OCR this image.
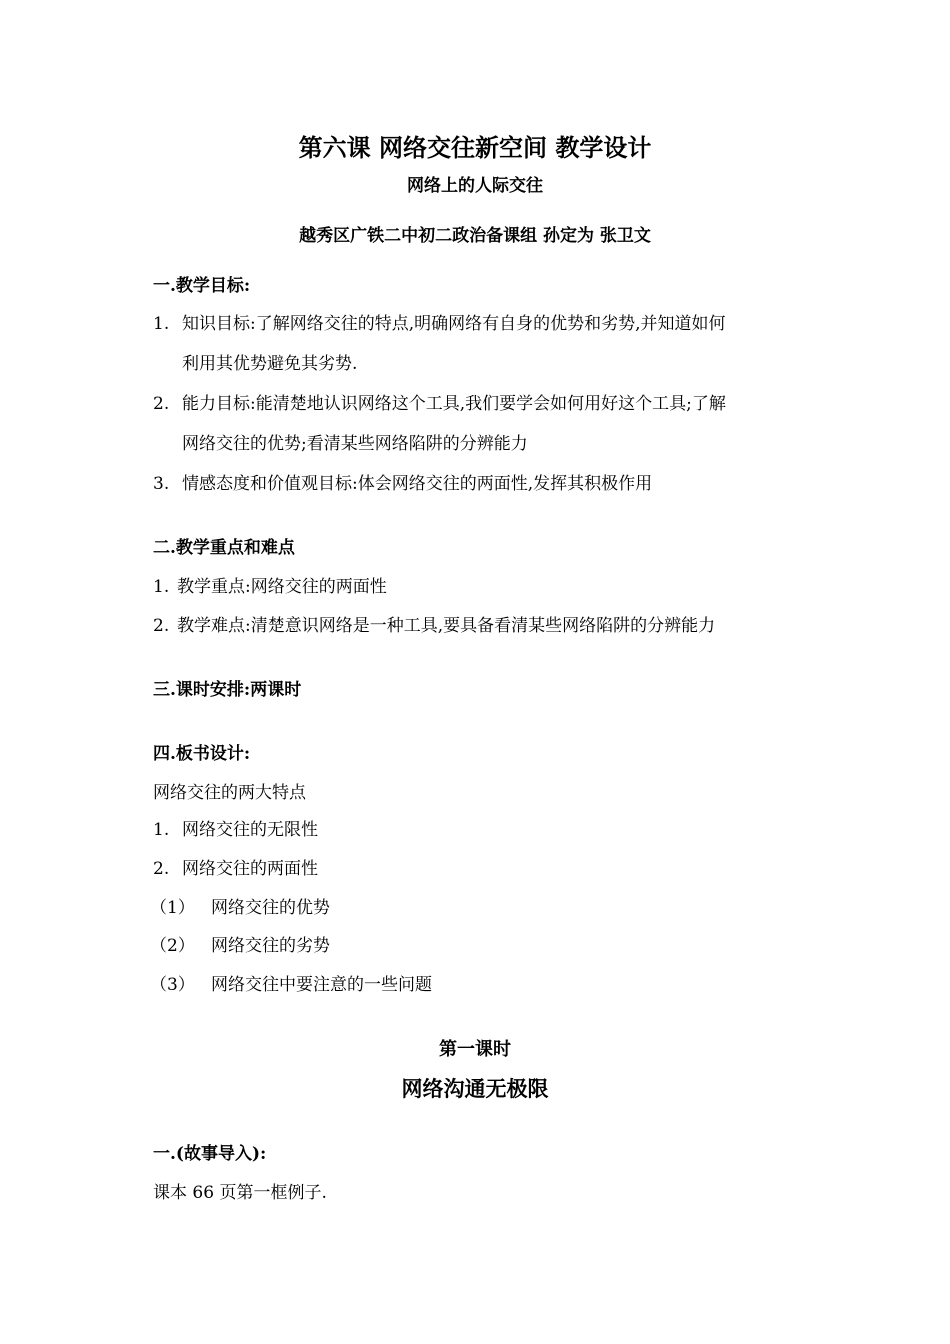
第六课 网络交往新空间 教学设计
网络上的人际交往
越秀区广铁二中初二政治备课组 孙定为 张卫文
一.教学目标:
1. 知识目标:了解网络交往的特点,明确网络有自身的优势和劣势,并知道如何
利用其优势避免其劣势.
2. 能力目标:能清楚地认识网络这个工具,我们要学会如何用好这个工具;了解
网络交往的优势;看清某些网络陷阱的分辨能力
3. 情感态度和价值观目标:体会网络交往的两面性,发挥其积极作用
二.教学重点和难点
1. 教学重点:网络交往的两面性
2. 教学难点:清楚意识网络是一种工具,要具备看清某些网络陷阱的分辨能力
三.课时安排:两课时
四.板书设计:
网络交往的两大特点
1. 网络交往的无限性
2. 网络交往的两面性
（1） 网络交往的优势
（2） 网络交往的劣势
（3） 网络交往中要注意的一些问题
第一课时
网络沟通无极限
一.(故事导入):
课本 66 页第一框例子.
